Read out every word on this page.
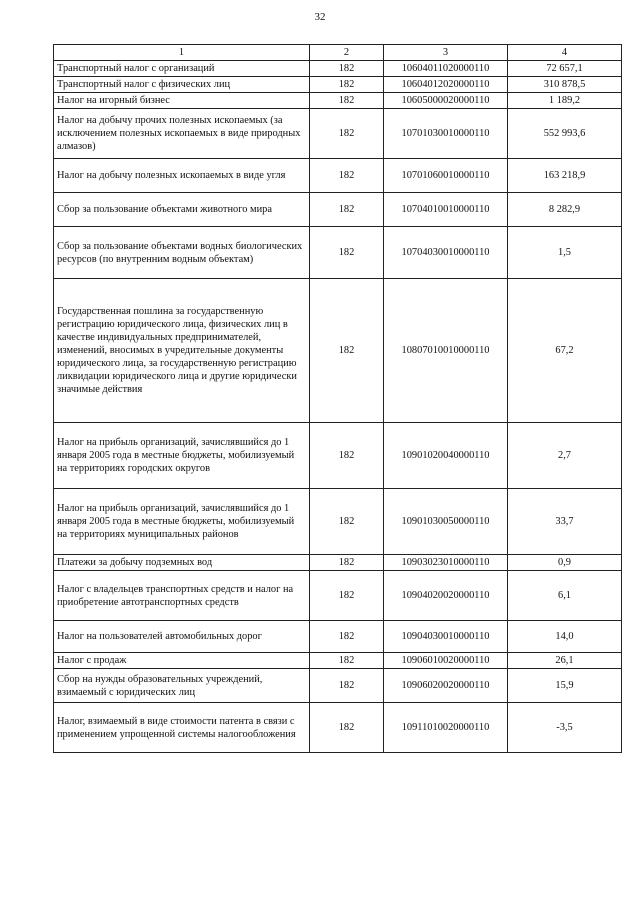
32
1	2	3	4
Транспортный налог с организаций	182	10604011020000110	72 657,1
Транспортный налог с физических лиц	182	10604012020000110	310 878,5
Налог на игорный бизнес	182	10605000020000110	1 189,2
Налог на добычу прочих полезных ископаемых (за исключением полезных ископаемых в виде природных алмазов)	182	10701030010000110	552 993,6
Налог на добычу полезных ископаемых в виде угля	182	10701060010000110	163 218,9
Сбор за пользование объектами животного мира	182	10704010010000110	8 282,9
Сбор за пользование объектами водных биологических ресурсов (по внутренним водным объектам)	182	10704030010000110	1,5
Государственная пошлина за государственную регистрацию юридического лица, физических лиц в качестве индивидуальных предпринимателей, изменений, вносимых в учредительные документы юридического лица, за государственную регистрацию ликвидации юридического лица и другие юридически значимые действия	182	10807010010000110	67,2
Налог на прибыль организаций, зачислявшийся до 1 января 2005 года в местные бюджеты, мобилизуемый на территориях городских округов	182	10901020040000110	2,7
Налог на прибыль организаций, зачислявшийся до 1 января 2005 года в местные бюджеты, мобилизуемый на территориях муниципальных районов	182	10901030050000110	33,7
Платежи за добычу подземных вод	182	10903023010000110	0,9
Налог с владельцев транспортных средств и налог на приобретение автотранспортных средств	182	10904020020000110	6,1
Налог на пользователей автомобильных дорог	182	10904030010000110	14,0
Налог с продаж	182	10906010020000110	26,1
Сбор на нужды образовательных учреждений, взимаемый с юридических лиц	182	10906020020000110	15,9
Налог, взимаемый в виде стоимости патента в связи с применением упрощенной системы налогообложения	182	10911010020000110	-3,5
